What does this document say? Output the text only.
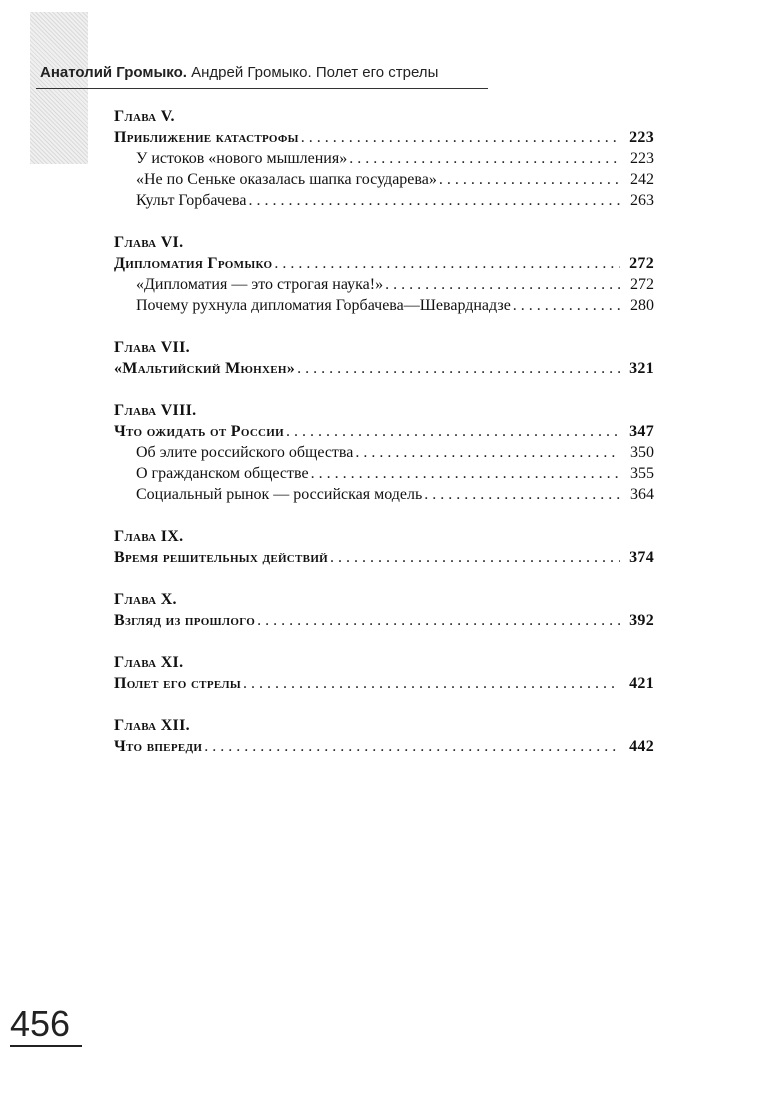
Анатолий Громыко. Андрей Громыко. Полет его стрелы
Глава V.
Приближение катастрофы . . .	223
У истоков «нового мышления» . . .	223
«Не по Сеньке оказалась шапка государева» . . .	242
Культ Горбачева . . .	263
Глава VI.
Дипломатия Громыко . . .	272
«Дипломатия — это строгая наука!» . . .	272
Почему рухнула дипломатия Горбачева—Шеварднадзе . . .	280
Глава VII.
«Мальтийский Мюнхен» . . .	321
Глава VIII.
Что ожидать от России . . .	347
Об элите российского общества . . .	350
О гражданском обществе . . .	355
Социальный рынок — российская модель . . .	364
Глава IX.
Время решительных действий . . .	374
Глава X.
Взгляд из прошлого . . .	392
Глава XI.
Полет его стрелы . . .	421
Глава XII.
Что впереди . . .	442
456
